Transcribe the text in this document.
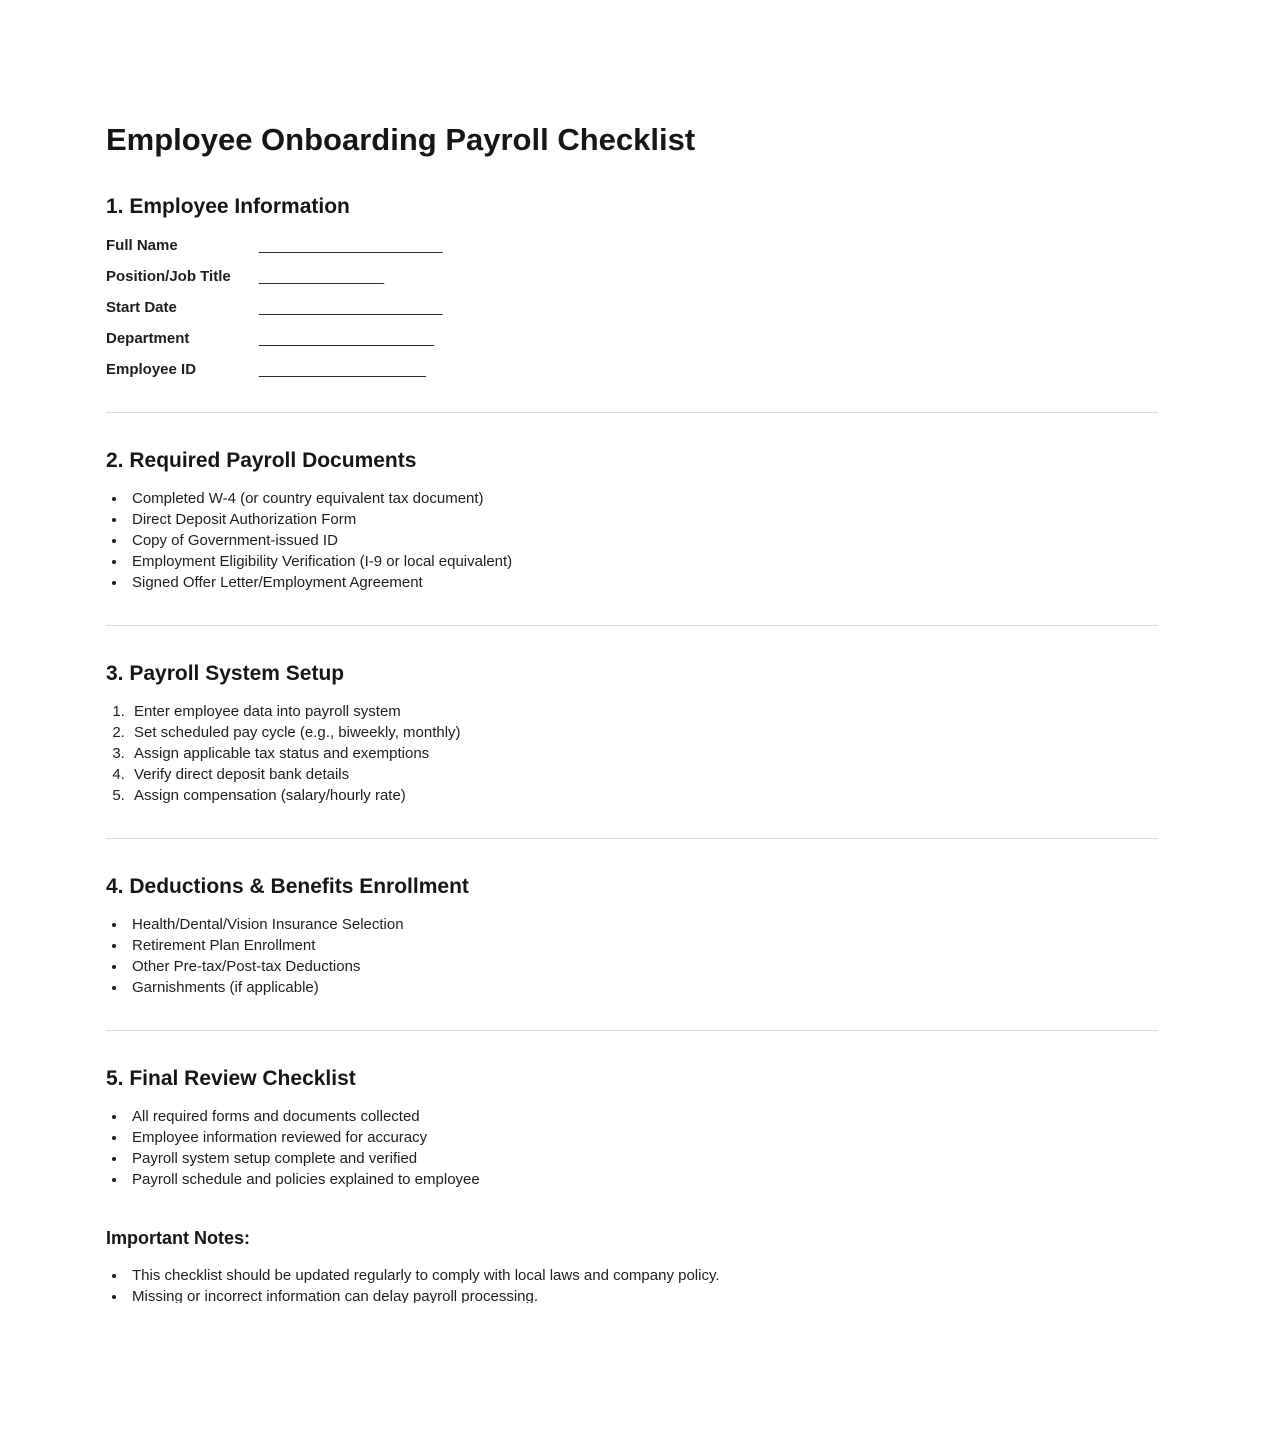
Employee Onboarding Payroll Checklist
1. Employee Information
Full Name	______________________
Position/Job Title	_______________
Start Date	______________________
Department	_____________________
Employee ID	____________________
2. Required Payroll Documents
• Completed W-4 (or country equivalent tax document)
• Direct Deposit Authorization Form
• Copy of Government-issued ID
• Employment Eligibility Verification (I-9 or local equivalent)
• Signed Offer Letter/Employment Agreement
3. Payroll System Setup
1. Enter employee data into payroll system
2. Set scheduled pay cycle (e.g., biweekly, monthly)
3. Assign applicable tax status and exemptions
4. Verify direct deposit bank details
5. Assign compensation (salary/hourly rate)
4. Deductions & Benefits Enrollment
• Health/Dental/Vision Insurance Selection
• Retirement Plan Enrollment
• Other Pre-tax/Post-tax Deductions
• Garnishments (if applicable)
5. Final Review Checklist
• All required forms and documents collected
• Employee information reviewed for accuracy
• Payroll system setup complete and verified
• Payroll schedule and policies explained to employee
Important Notes:
• This checklist should be updated regularly to comply with local laws and company policy.
• Missing or incorrect information can delay payroll processing.
